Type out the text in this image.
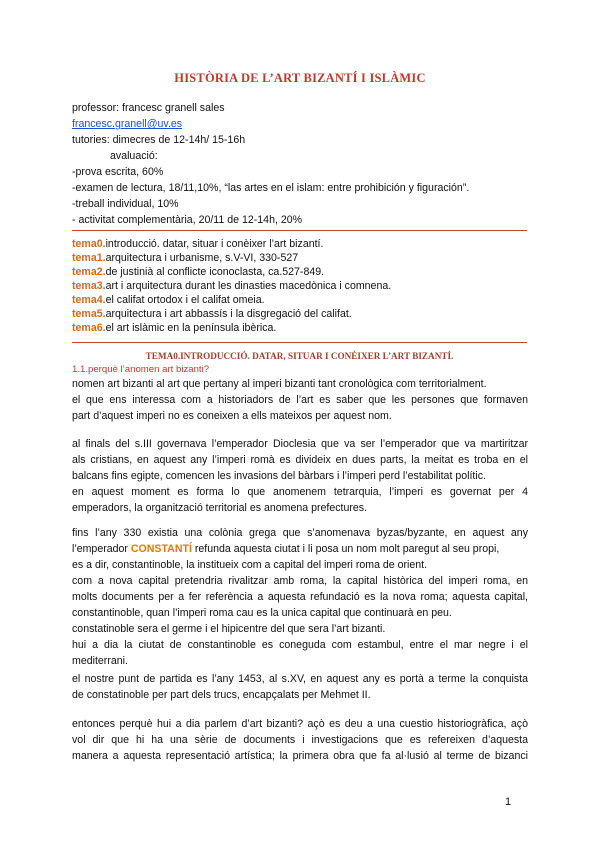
HISTÒRIA DE L’ART BIZANTÍ I ISLÀMIC
professor: francesc granell sales
francesc.granell@uv.es
tutories: dimecres de 12-14h/ 15-16h
avaluació:
-prova escrita, 60%
-examen de lectura, 18/11,10%, “las artes en el islam: entre prohibición y figuración”.
-treball individual, 10%
- activitat complementària, 20/11 de 12-14h, 20%
tema0.introducció. datar, situar i conèixer l’art bizantí.
tema1.arquitectura i urbanisme, s.V-VI, 330-527
tema2.de justinià al conflicte iconoclasta, ca.527-849.
tema3.art i arquitectura durant les dinasties macedònica i comnena.
tema4.el califat ortodox i el califat omeia.
tema5.arquitectura i art abbassís i la disgregació del califat.
tema6.el art islàmic en la península ibèrica.
TEMA0.INTRODUCCIÓ. DATAR, SITUAR I CONÈIXER L’ART BIZANTÍ.
1.1.perquè l’anomen art bizanti?

nomen art bizanti al art que pertany al imperi bizanti tant cronològica com territorialment.

el que ens interessa com a historiadors de l’art es saber que les persones que formaven

part d’aquest imperi no es coneixen a ells mateixos per aquest nom.

al finals del s.III governava l’emperador Dioclesia que va ser l’emperador que va martiritzar

als cristians, en aquest any l’imperi romà es divideix en dues parts, la meitat es troba en el

balcans fins egipte, comencen les invasions del bàrbars i l’imperi perd l’estabilitat polític.

en aquest moment es forma lo que anomenem tetrarquia, l’imperi es governat per 4

emperadors, la organització territorial es anomena prefectures.

fins l’any 330 existia una colònia grega que s’anomenava byzas/byzante, en aquest any

l’emperador CONSTANTÍ refunda aquesta ciutat i li posa un nom molt paregut al seu propi,

es a dir, constantinoble, la instituеix com a capital del imperi roma de orient.

com a nova capital pretendria rivalitzar amb roma, la capital històrica del imperi roma, en

molts documents per a fer referència a aquesta refundació es la nova roma; aquesta capital,

constantinoble, quan l’imperi roma cau es la unica capital que continuarà en peu.

constatinoble sera el germe i el hipicentre del que sera l’art bizanti.

hui a dia la ciutat de constantinoble es coneguda com estambul, entre el mar negre i el

mediterrani.

el nostre punt de partida es l’any 1453, al s.XV, en aquest any es portà a terme la conquista

de constatinoble per part dels trucs, encapçalats per Mehmet II.

entonces perquè hui a dia parlem d’art bizanti? açò es deu a una cuestio historiogràfica, açò

vol dir que hi ha una sèrie de documents i investigacions que es refereixen d’aquesta

manera a aquesta representació artística; la primera obra que fa al·lusió al terme de bizanci

1
